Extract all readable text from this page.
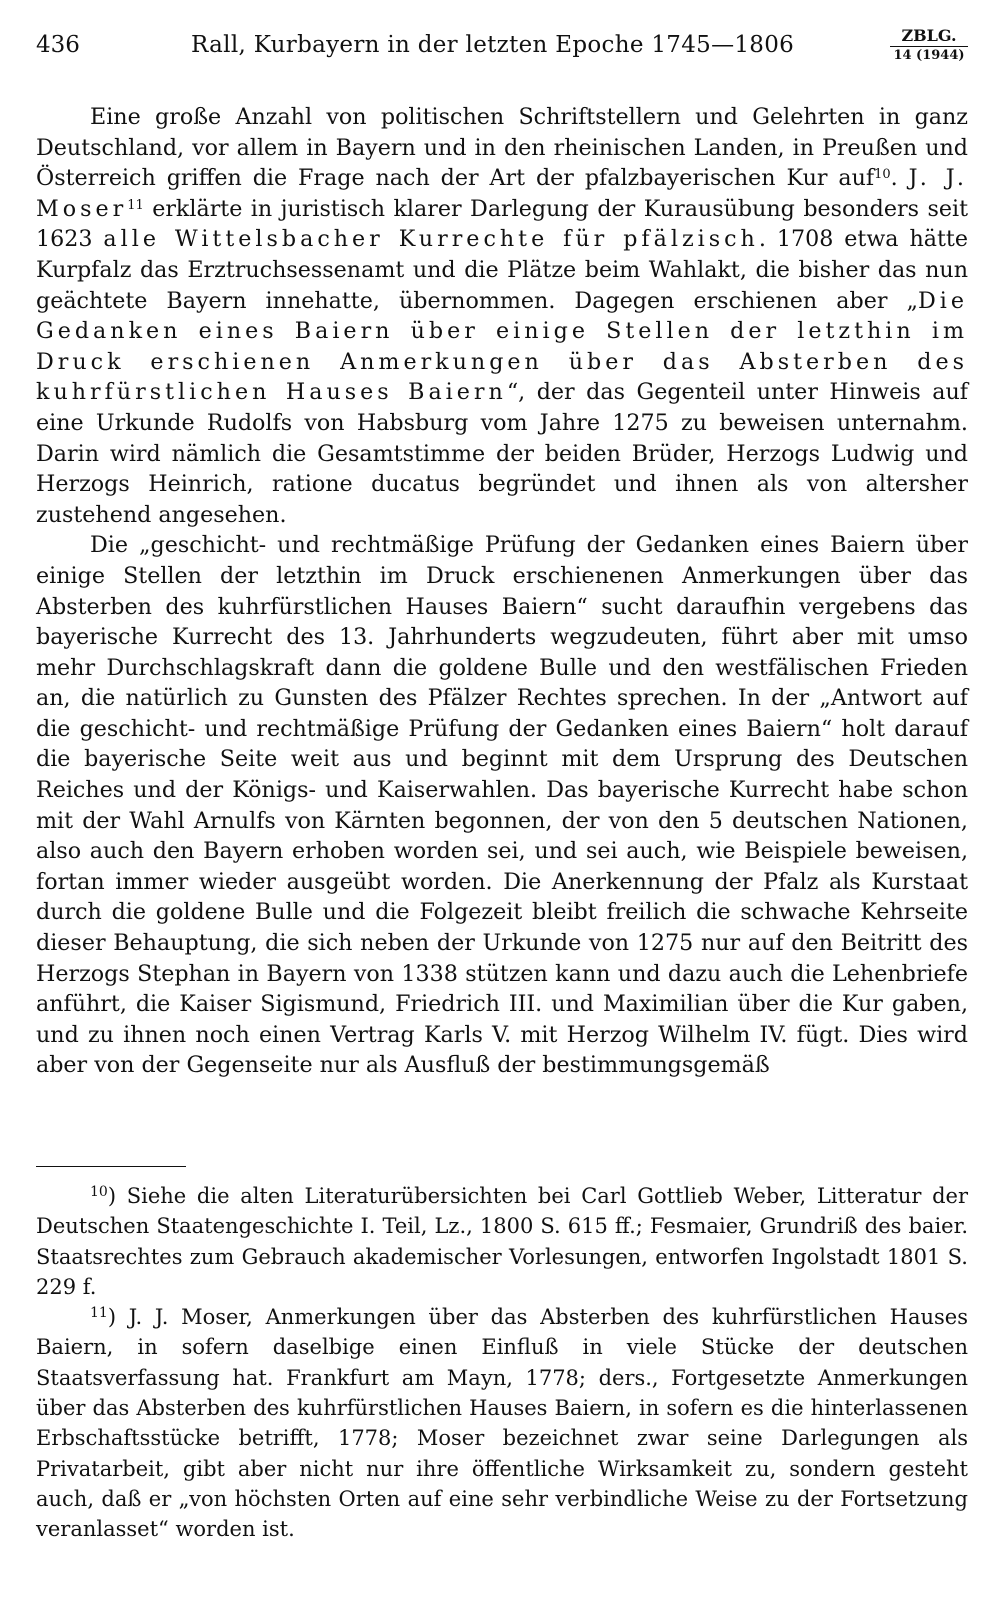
436	Rall, Kurbayern in der letzten Epoche 1745—1806	ZBLG.
14 (1944)

Eine große Anzahl von politischen Schriftstellern und Gelehrten in ganz Deutschland, vor allem in Bayern und in den rheinischen Landen, in Preußen und Österreich griffen die Frage nach der Art der pfalzbayerischen Kur auf$^{10}$. J. J. Moser$^{11}$ erklärte in juristisch klarer Darlegung der Kurausübung besonders seit 1623 alle Wittelsbacher Kurrechte für pfälzisch. 1708 etwa hätte Kurpfalz das Erztruchsessenamt und die Plätze beim Wahlakt, die bisher das nun geächtete Bayern innehatte, übernommen. Dagegen erschienen aber „Die Gedanken eines Baiern über einige Stellen der letzthin im Druck erschienen Anmerkungen über das Absterben des kuhrfürstlichen Hauses Baiern“, der das Gegenteil unter Hinweis auf eine Urkunde Rudolfs von Habsburg vom Jahre 1275 zu beweisen unternahm. Darin wird nämlich die Gesamtstimme der beiden Brüder, Herzogs Ludwig und Herzogs Heinrich, ratione ducatus begründet und ihnen als von altersher zustehend angesehen.

Die „geschicht- und rechtmäßige Prüfung der Gedanken eines Baiern über einige Stellen der letzthin im Druck erschienenen Anmerkungen über das Absterben des kuhrfürstlichen Hauses Baiern“ sucht daraufhin vergebens das bayerische Kurrecht des 13. Jahrhunderts wegzudeuten, führt aber mit umso mehr Durchschlagskraft dann die goldene Bulle und den westfälischen Frieden an, die natürlich zu Gunsten des Pfälzer Rechtes sprechen. In der „Antwort auf die geschicht- und rechtmäßige Prüfung der Gedanken eines Baiern“ holt darauf die bayerische Seite weit aus und beginnt mit dem Ursprung des Deutschen Reiches und der Königs- und Kaiserwahlen. Das bayerische Kurrecht habe schon mit der Wahl Arnulfs von Kärnten begonnen, der von den 5 deutschen Nationen, also auch den Bayern erhoben worden sei, und sei auch, wie Beispiele beweisen, fortan immer wieder ausgeübt worden. Die Anerkennung der Pfalz als Kurstaat durch die goldene Bulle und die Folgezeit bleibt freilich die schwache Kehrseite dieser Behauptung, die sich neben der Urkunde von 1275 nur auf den Beitritt des Herzogs Stephan in Bayern von 1338 stützen kann und dazu auch die Lehenbriefe anführt, die Kaiser Sigismund, Friedrich III. und Maximilian über die Kur gaben, und zu ihnen noch einen Vertrag Karls V. mit Herzog Wilhelm IV. fügt. Dies wird aber von der Gegenseite nur als Ausfluß der bestimmungsgemäß

$^{10}$) Siehe die alten Literaturübersichten bei Carl Gottlieb Weber, Litteratur der Deutschen Staatengeschichte I. Teil, Lz., 1800 S. 615 ff.; Fesmaier, Grundriß des baier. Staatsrechtes zum Gebrauch akademischer Vorlesungen, entworfen Ingolstadt 1801 S. 229 f.

$^{11}$) J. J. Moser, Anmerkungen über das Absterben des kuhrfürstlichen Hauses Baiern, in sofern daselbige einen Einfluß in viele Stücke der deutschen Staatsverfassung hat. Frankfurt am Mayn, 1778; ders., Fortgesetzte Anmerkungen über das Absterben des kuhrfürstlichen Hauses Baiern, in sofern es die hinterlassenen Erbschaftsstücke betrifft, 1778; Moser bezeichnet zwar seine Darlegungen als Privatarbeit, gibt aber nicht nur ihre öffentliche Wirksamkeit zu, sondern gesteht auch, daß er „von höchsten Orten auf eine sehr verbindliche Weise zu der Fortsetzung veranlasset“ worden ist.
